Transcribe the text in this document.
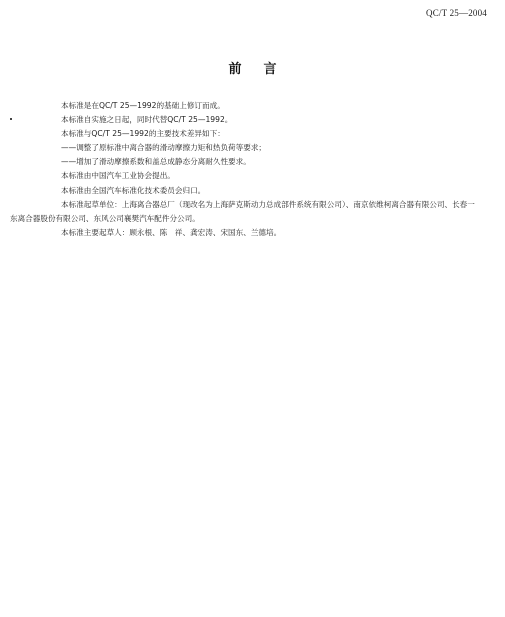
QC/T 25—2004
前言

本标准是在QC/T 25—1992的基础上修订而成。

本标准自实施之日起，同时代替QC/T 25—1992。

本标准与QC/T 25—1992的主要技术差异如下：

——调整了原标准中离合器的滑动摩擦力矩和热负荷等要求；

——增加了滑动摩擦系数和盖总成静态分离耐久性要求。

本标准由中国汽车工业协会提出。

本标准由全国汽车标准化技术委员会归口。

本标准起草单位：上海离合器总厂（现改名为上海萨克斯动力总成部件系统有限公司）、南京依维柯离合器有限公司、长春一东离合器股份有限公司、东风公司襄樊汽车配件分公司。

本标准主要起草人：顾永根、陈　祥、龚宏涛、宋国东、兰德培。
